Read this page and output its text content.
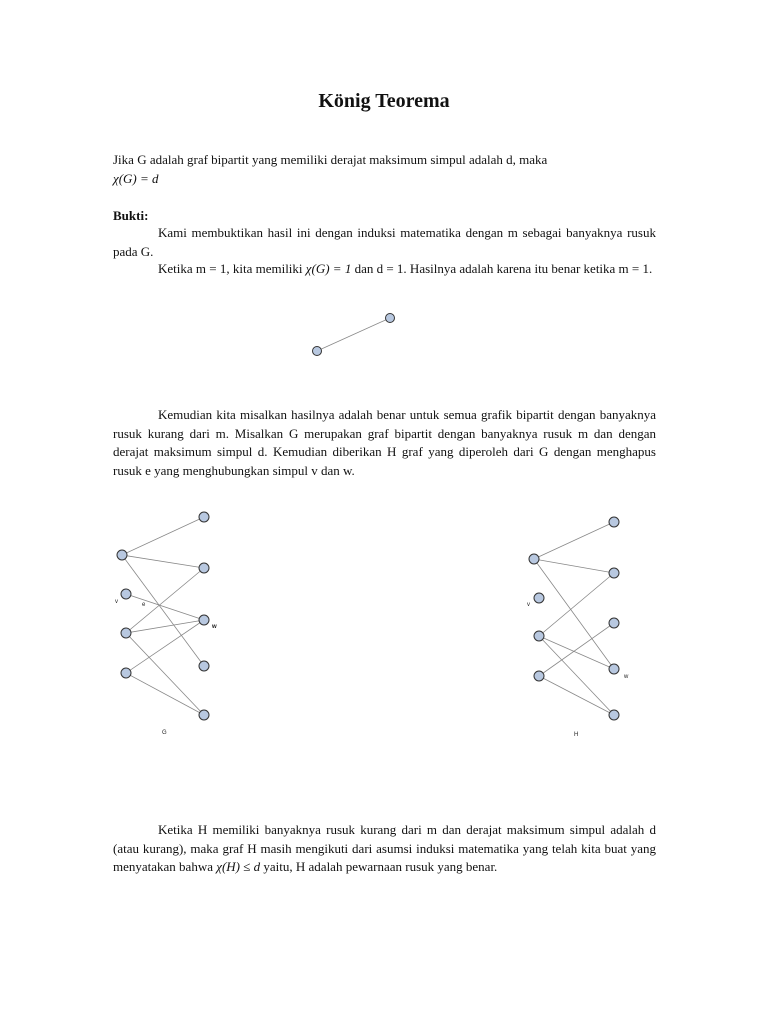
König Teorema
Jika G adalah graf bipartit yang memiliki derajat maksimum simpul adalah d, maka
χ(G) = d
Bukti:
Kami membuktikan hasil ini dengan induksi matematika dengan m sebagai banyaknya rusuk pada G.
Ketika m = 1, kita memiliki χ(G) = 1 dan d = 1. Hasilnya adalah karena itu benar ketika m = 1.
Kemudian kita misalkan hasilnya adalah benar untuk semua grafik bipartit dengan banyaknya rusuk kurang dari m. Misalkan G merupakan graf bipartit dengan banyaknya rusuk m dan dengan derajat maksimum simpul d. Kemudian diberikan H graf yang diperoleh dari G dengan menghapus rusuk e yang menghubungkan simpul v dan w.
Ketika H memiliki banyaknya rusuk kurang dari m dan derajat maksimum simpul adalah d (atau kurang), maka graf H masih mengikuti dari asumsi induksi matematika yang telah kita buat yang menyatakan bahwa χ(H) ≤ d yaitu, H adalah pewarnaan rusuk yang benar.
v	e
w
G
v
w
H
